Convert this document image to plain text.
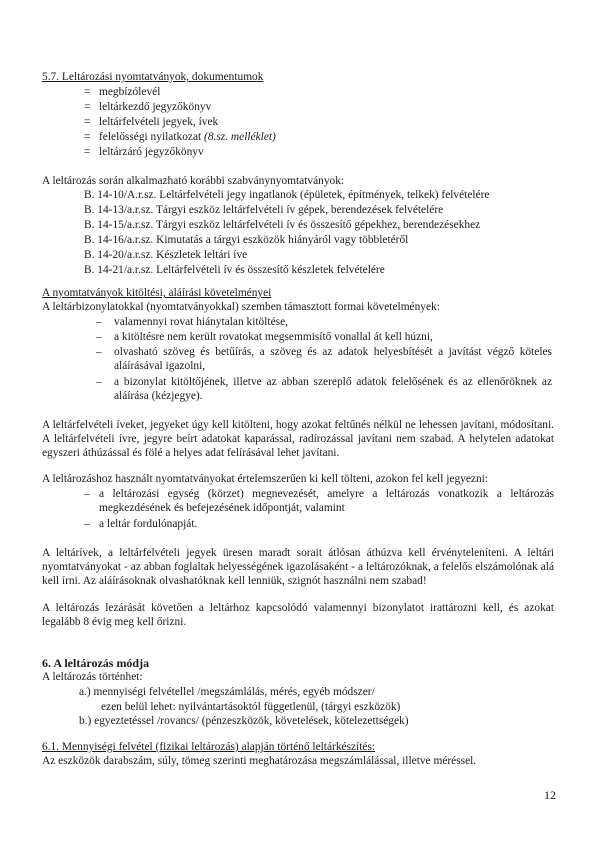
5.7. Leltározási nyomtatványok, dokumentumok
= megbízólevél
= leltárkezdő jegyzőkönyv
= leltárfelvételi jegyek, ívek
= felelősségi nyilatkozat (8.sz. melléklet)
= leltárzáró jegyzőkönyv
A leltározás során alkalmazható korábbi szabványnyomtatványok:
B. 14-10/A.r.sz. Leltárfelvételi jegy ingatlanok (épületek, építmények, telkek) felvételére
B. 14-13/a.r.sz. Tárgyi eszköz leltárfelvételi ív gépek, berendezések felvételére
B. 14-15/a.r.sz. Tárgyi eszköz leltárfelvételi ív és összesítő gépekhez, berendezésekhez
B. 14-16/a.r.sz. Kimutatás a tárgyi eszközök hiányáról vagy többletéről
B. 14-20/a.r.sz. Készletek leltári íve
B. 14-21/a.r.sz. Leltárfelvételi ív és összesítő készletek felvételére
A nyomtatványok kitöltési, aláírási követelményei
A leltárbizonylatokkal (nyomtatványokkal) szemben támasztott formai követelmények:
– valamennyi rovat hiánytalan kitöltése,
– a kitöltésre nem került rovatokat megsemmisítő vonallal át kell húzni,
– olvasható szöveg és betűírás, a szöveg és az adatok helyesbítését a javítást végző köteles aláírásával igazolni,
– a bizonylat kitöltőjének, illetve az abban szereplő adatok felelősének és az ellenőröknek az aláírása (kézjegye).
A leltárfelvételi íveket, jegyeket úgy kell kitölteni, hogy azokat feltűnés nélkül ne lehessen javítani, módosítani. A leltárfelvételi ívre, jegyre beírt adatokat kaparással, radírozással javítani nem szabad. A helytelen adatokat egyszeri áthúzással és fölé a helyes adat felírásával lehet javítani.
A leltározáshoz használt nyomtatványokat értelemszerűen ki kell tölteni, azokon fel kell jegyezni:
– a leltározási egység (körzet) megnevezését, amelyre a leltározás vonatkozik a leltározás megkezdésének és befejezésének időpontját, valamint
– a leltár fordulónapját.
A leltárívek, a leltárfelvételi jegyek üresen maradt sorait átlósan áthúzva kell érvényteleníteni. A leltári nyomtatványokat - az abban foglaltak helyességének igazolásaként - a leltározóknak, a felelős elszámolónak alá kell írni. Az aláírásoknak olvashatóknak kell lenniük, szignót használni nem szabad!
A leltározás lezárását követően a leltárhoz kapcsolódó valamennyi bizonylatot irattározni kell, és azokat legalább 8 évig meg kell őrizni.
6. A leltározás módja
A leltározás történhet:
a.) mennyiségi felvétellel /megszámlálás, mérés, egyéb módszer/
ezen belül lehet: nyilvántartásoktól függetlenül, (tárgyi eszközök)
b.) egyeztetéssel /rovancs/ (pénzeszközök, követelések, kötelezettségek)
6.1. Mennyiségi felvétel (fizikai leltározás) alapján történő leltárkészítés:
Az eszközök darabszám, súly, tömeg szerinti meghatározása megszámlálással, illetve méréssel.
12
